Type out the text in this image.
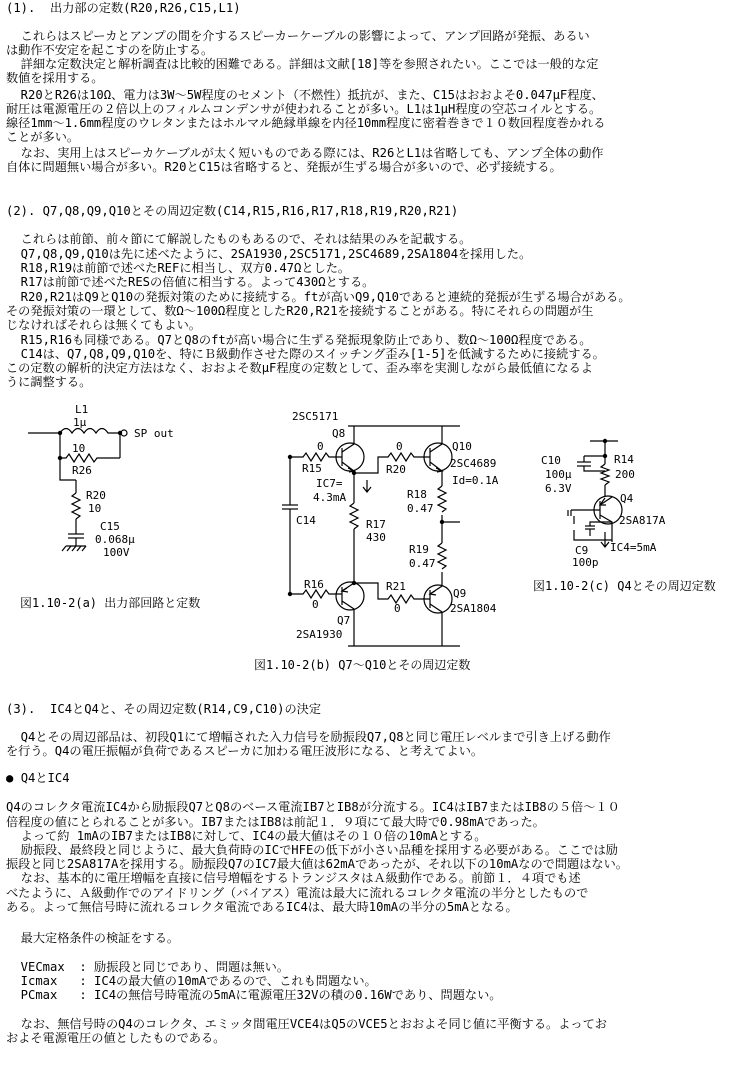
(1).  出力部の定数(R20,R26,C15,L1)
これらはスピーカとアンプの間を介するスピーカーケーブルの影響によって、アンプ回路が発振、あるい
は動作不安定を起こすのを防止する。
詳細な定数決定と解析調査は比較的困難である。詳細は文献[18]等を参照されたい。ここでは一般的な定
数値を採用する。
R20とR26は10Ω、電力は3W〜5W程度のセメント（不燃性）抵抗が、また、C15はおおよそ0.047μF程度、
耐圧は電源電圧の２倍以上のフィルムコンデンサが使われることが多い。L1は1μH程度の空芯コイルとする。
線径1mm〜1.6mm程度のウレタンまたはホルマル絶縁単線を内径10mm程度に密着巻きで１０数回程度巻かれる
ことが多い。
なお、実用上はスピーカケーブルが太く短いものである際には、R26とL1は省略しても、アンプ全体の動作
自体に問題無い場合が多い。R20とC15は省略すると、発振が生ずる場合が多いので、必ず接続する。
(2). Q7,Q8,Q9,Q10とその周辺定数(C14,R15,R16,R17,R18,R19,R20,R21)
これらは前節、前々節にて解説したものもあるので、それは結果のみを記載する。
Q7,Q8,Q9,Q10は先に述べたように、2SA1930,2SC5171,2SC4689,2SA1804を採用した。
R18,R19は前節で述べたREFに相当し、双方0.47Ωとした。
R17は前節で述べたRESの倍値に相当する。よって430Ωとする。
R20,R21はQ9とQ10の発振対策のために接続する。ftが高いQ9,Q10であると連続的発振が生ずる場合がある。
その発振対策の一環として、数Ω〜100Ω程度としたR20,R21を接続することがある。特にそれらの問題が生
じなければそれらは無くてもよい。
R15,R16も同様である。Q7とQ8のftが高い場合に生ずる発振現象防止であり、数Ω〜100Ω程度である。
C14は、Q7,Q8,Q9,Q10を、特にＢ級動作させた際のスイッチング歪み[1-5]を低減するために接続する。
この定数の解析的決定方法はなく、おおよそ数μF程度の定数として、歪み率を実測しながら最低値になるよ
うに調整する。
L1
1μ
SP out
10
R26
R20
10
C15
0.068μ
100V
図1.10-2(a) 出力部回路と定数
2SC5171
Q8
0
R15
0
R20
Q10
2SC4689
Id=0.1A
IC7=
4.3mA	R18
0.47
C14	R17
430
R19
0.47
R16
0
R21
0
Q9
2SA1804
Q7
2SA1930
図1.10-2(b) Q7〜Q10とその周辺定数
C10
100μ
6.3V
R14
200
Q4
2SA817A
C9
100p
IC4=5mA
図1.10-2(c) Q4とその周辺定数
(3).  IC4とQ4と、その周辺定数(R14,C9,C10)の決定
Q4とその周辺部品は、初段Q1にて増幅された入力信号を励振段Q7,Q8と同じ電圧レベルまで引き上げる動作
を行う。Q4の電圧振幅が負荷であるスピーカに加わる電圧波形になる、と考えてよい。
● Q4とIC4
Q4のコレクタ電流IC4から励振段Q7とQ8のベース電流IB7とIB8が分流する。IC4はIB7またはIB8の５倍〜１０
倍程度の値にとられることが多い。IB7またはIB8は前記１．９項にて最大時で0.98mAであった。
よって約 1mAのIB7またはIB8に対して、IC4の最大値はその１０倍の10mAとする。
励振段、最終段と同じように、最大負荷時のICでHFEの低下が小さい品種を採用する必要がある。ここでは励
振段と同じ2SA817Aを採用する。励振段Q7のIC7最大値は62mAであったが、それ以下の10mAなので問題はない。
なお、基本的に電圧増幅を直接に信号増幅をするトランジスタはＡ級動作である。前節１．４項でも述
べたように、Ａ級動作でのアイドリング（バイアス）電流は最大に流れるコレクタ電流の半分としたもので
ある。よって無信号時に流れるコレクタ電流であるIC4は、最大時10mAの半分の5mAとなる。
最大定格条件の検証をする。
VECmax  : 励振段と同じであり、問題は無い。
Icmax   : IC4の最大値の10mAであるので、これも問題ない。
PCmax   : IC4の無信号時電流の5mAに電源電圧32Vの積の0.16Wであり、問題ない。
なお、無信号時のQ4のコレクタ、エミッタ間電圧VCE4はQ5のVCE5とおおよそ同じ値に平衡する。よってお
およそ電源電圧の値としたものである。
